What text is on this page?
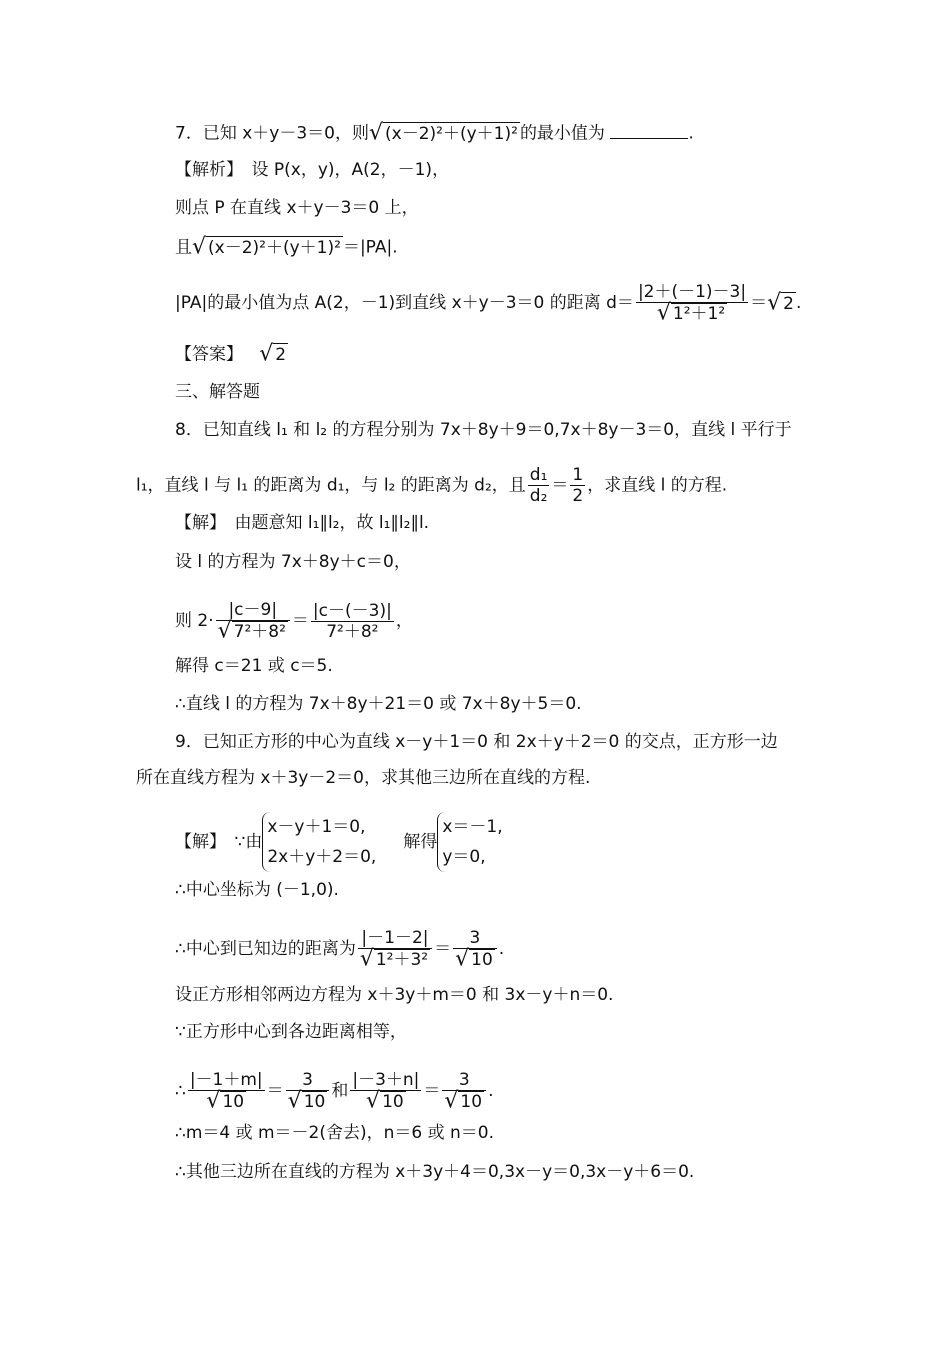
7．已知 x＋y－3＝0，则√ (x－2)²＋(y＋1)² 的最小值为	.
【解析】　设 P(x，y)，A(2，－1)，
则点 P 在直线 x＋y－3＝0 上，
且√ (x－2)²＋(y＋1)² ＝|PA|.
|PA|的最小值为点 A(2，－1)到直线 x＋y－3＝0 的距离 $d= \frac{|2+(-1)-3|}{\text{√ 1²＋1²}}$ ＝√ 2 .
【答案】 √ 2
三、解答题
8．已知直线 l₁ 和 l₂ 的方程分别为 7x＋8y＋9＝0,7x＋8y－3＝0，直线 l 平行于
l₁，直线 l 与 l₁ 的距离为 d₁，与 l₂ 的距离为 d₂，且 $\frac{\text{d₁}}{\text{d₂}} = \frac{1}{2}$ ，求直线 l 的方程.
【解】　由题意知 l₁∥l₂，故 l₁∥l₂∥l.
设 l 的方程为 7x＋8y＋c＝0，
则 $2\cdot \frac{|c-9|}{\text{√ 7²＋8²}} = \frac{|c-(-3)|}{\text{7²＋8²}}$ ，
解得 c＝21 或 c＝5.
∴直线 l 的方程为 7x＋8y＋21＝0 或 7x＋8y＋5＝0.
9．已知正方形的中心为直线 x－y＋1＝0 和 2x＋y＋2＝0 的交点，正方形一边
所在直线方程为 x＋3y－2＝0，求其他三边所在直线的方程.
【解】　∵由
x－y＋1＝0,
2x＋y＋2＝0,
解得
x＝－1,
y＝0,
∴中心坐标为 (－1,0).
∴中心到已知边的距离为 $\frac{|-1-2|}{\text{√ 1²＋3²}} = \frac{3}{√ 10}$ .
设正方形相邻两边方程为 x＋3y＋m＝0 和 3x－y＋n＝0.
∵正方形中心到各边距离相等，
∴ $\frac{|-1+m|}{√ 10} = \frac{3}{√ 10}$ 和 $\frac{|-3+n|}{√ 10} = \frac{3}{√ 10}$ .
∴m＝4 或 m＝－2(舍去)，n＝6 或 n＝0.
∴其他三边所在直线的方程为 x＋3y＋4＝0,3x－y＝0,3x－y＋6＝0.
